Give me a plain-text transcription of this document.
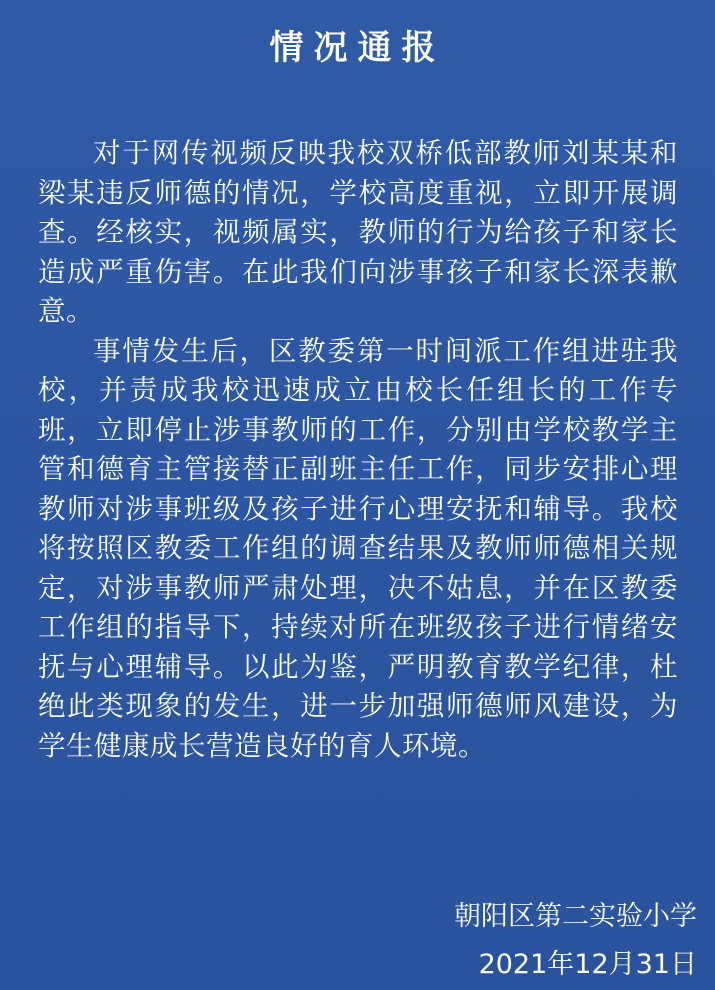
情况通报

对于网传视频反映我校双桥低部教师刘某某和梁某违反师德的情况，学校高度重视，立即开展调查。经核实，视频属实，教师的行为给孩子和家长造成严重伤害。在此我们向涉事孩子和家长深表歉意。

事情发生后，区教委第一时间派工作组进驻我校，并责成我校迅速成立由校长任组长的工作专班，立即停止涉事教师的工作，分别由学校教学主管和德育主管接替正副班主任工作，同步安排心理教师对涉事班级及孩子进行心理安抚和辅导。我校将按照区教委工作组的调查结果及教师师德相关规定，对涉事教师严肃处理，决不姑息，并在区教委工作组的指导下，持续对所在班级孩子进行情绪安抚与心理辅导。以此为鉴，严明教育教学纪律，杜绝此类现象的发生，进一步加强师德师风建设，为学生健康成长营造良好的育人环境。

朝阳区第二实验小学
2021年12月31日
